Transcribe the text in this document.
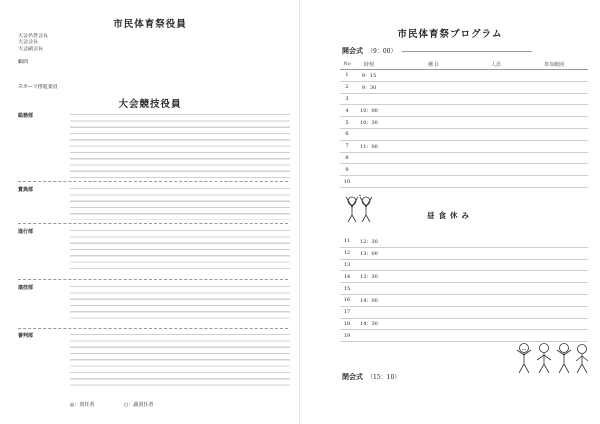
市民体育祭役員
大会名誉会長
大会会長
大会副会長
顧問
スポーツ推進委員
大会競技役員
総務部
賞典部
進行部
演技部
審判部
◎：責任者	○：副責任者
市民体育祭プログラム
開会式 （9：00）
No	時刻	種目	人員	参加範囲
1	9：15
2	9：30
3
4	10：00
5	10：30
6
7	11：00
8
9
10
昼食休み
11	12：30
12	13：00
13
14	13：30
15
16	14：00
17
18	14：30
19
閉会式 （15：10）
